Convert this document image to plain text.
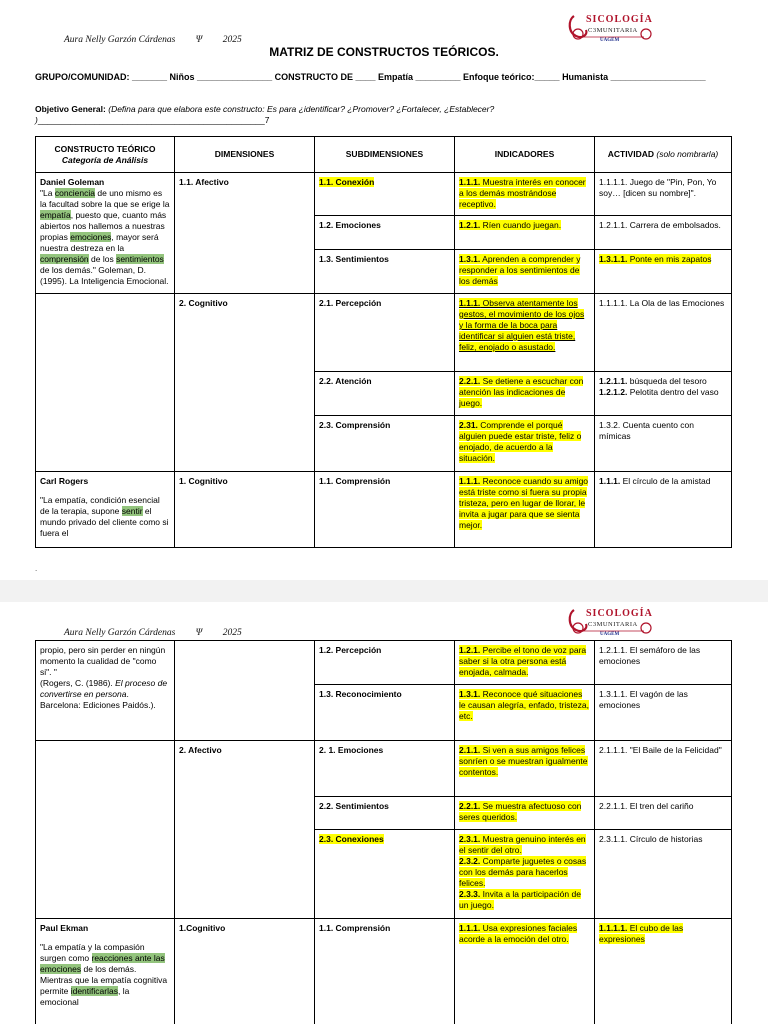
Aura Nelly Garzón Cárdenas Ψ 2025
SICOLOGÍA
C3MUNITARIA
UAGEM
MATRIZ DE CONSTRUCTOS TEÓRICOS.
GRUPO/COMUNIDAD: _______ Niños _______________ CONSTRUCTO DE ____ Empatía _________ Enfoque teórico:_____ Humanista ___________________
Objetivo General: (Defina para que elabora este constructo: Es para ¿identificar? ¿Promover? ¿Fortalecer, ¿Establecer? )________________________________________________7
CONSTRUCTO TEÓRICO
Categoría de Análisis	DIMENSIONES	SUBDIMENSIONES	INDICADORES	ACTIVIDAD (solo nombrarla)

Daniel Goleman
"La conciencia de uno mismo es la facultad sobre la que se erige la empatía, puesto que, cuanto más abiertos nos hallemos a nuestras propias emociones, mayor será nuestra destreza en la comprensión de los sentimientos de los demás." Goleman, D. (1995). La Inteligencia Emocional.	1.1. Afectivo	1.1. Conexión	1.1.1. Muestra interés en conocer a los demás mostrándose receptivo.	1.1.1.1. Juego de "Pin, Pon, Yo soy… [dicen su nombre]".
		1.2. Emociones	1.2.1. Ríen cuando juegan.	1.2.1.1. Carrera de embolsados.
		1.3. Sentimientos	1.3.1. Aprenden a comprender y responder a los sentimientos de los demás	1.3.1.1. Ponte en mis zapatos
	2. Cognitivo	2.1. Percepción	1.1.1. Observa atentamente los gestos, el movimiento de los ojos y la forma de la boca para identificar si alguien está triste, feliz, enojado o asustado.	1.1.1.1. La Ola de las Emociones
		2.2. Atención	2.2.1. Se detiene a escuchar con atención las indicaciones de juego.	1.2.1.1. búsqueda del tesoro
1.2.1.2. Pelotita dentro del vaso

		2.3. Comprensión	2.31. Comprende el porqué alguien puede estar triste, feliz o enojado, de acuerdo a la situación.	1.3.2. Cuenta cuento con mímicas

Carl Rogers
"La empatía, condición esencial de la terapia, supone sentir el mundo privado del cliente como si fuera el	1. Cognitivo	1.1. Comprensión	1.1.1. Reconoce cuando su amigo está triste como si fuera su propia tristeza, pero en lugar de llorar, le invita a jugar para que se sienta mejor.	1.1.1. El círculo de la amistad
.
Aura Nelly Garzón Cárdenas Ψ 2025
SICOLOGÍA
C3MUNITARIA
UAGEM
propio, pero sin perder en ningún momento la cualidad de "como si". "
(Rogers, C. (1986). El proceso de convertirse en persona. Barcelona: Ediciones Paidós.).		1.2. Percepción	1.2.1. Percibe el tono de voz para saber si la otra persona está enojada, calmada.	1.2.1.1. El semáforo de las emociones
		1.3. Reconocimiento	1.3.1. Reconoce qué situaciones le causan alegría, enfado, tristeza, etc.	1.3.1.1. El vagón de las emociones
	2. Afectivo	2. 1. Emociones	2.1.1. Si ven a sus amigos felices sonríen o se muestran igualmente contentos.	2.1.1.1. "El Baile de la Felicidad"
		2.2. Sentimientos	2.2.1. Se muestra afectuoso con seres queridos.	2.2.1.1. El tren del cariño
		2.3. Conexiones	2.3.1. Muestra genuino interés en el sentir del otro.
2.3.2. Comparte juguetes o cosas con los demás para hacerlos felices.
2.3.3. Invita a la participación de un juego.	2.3.1.1. Círculo de historias

Paul Ekman
"La empatía y la compasión surgen como reacciones ante las emociones de los demás. Mientras que la empatía cognitiva permite identificarlas, la emocional	1.Cognitivo	1.1. Comprensión	1.1.1. Usa expresiones faciales acorde a la emoción del otro.	1.1.1.1. El cubo de las expresiones
